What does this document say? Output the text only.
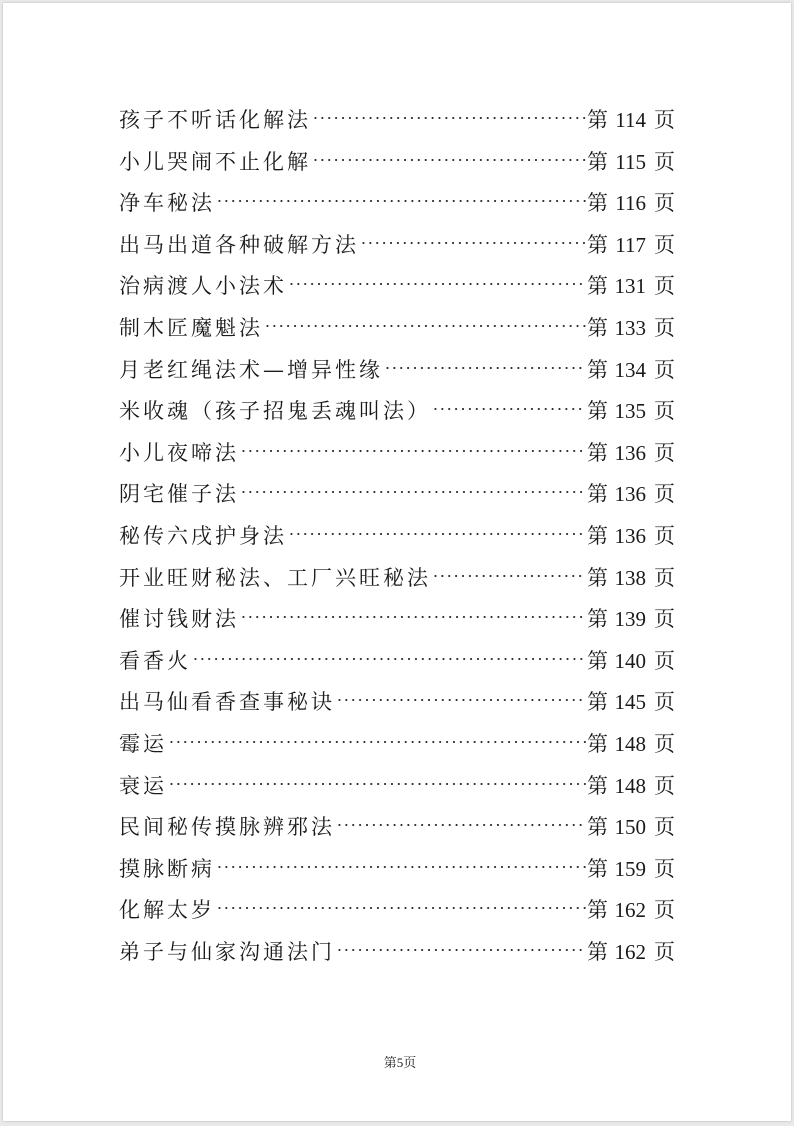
孩子不听话化解法	第 114 页
小儿哭闹不止化解	第 115 页
净车秘法	第 116 页
出马出道各种破解方法	第 117 页
治病渡人小法术	第 131 页
制木匠魔魁法	第 133 页
月老红绳法术—增异性缘	第 134 页
米收魂（孩子招鬼丢魂叫法）	第 135 页
小儿夜啼法	第 136 页
阴宅催子法	第 136 页
秘传六戌护身法	第 136 页
开业旺财秘法、工厂兴旺秘法	第 138 页
催讨钱财法	第 139 页
看香火	第 140 页
出马仙看香查事秘诀	第 145 页
霉运	第 148 页
衰运	第 148 页
民间秘传摸脉辨邪法	第 150 页
摸脉断病	第 159 页
化解太岁	第 162 页
弟子与仙家沟通法门	第 162 页
第5页
